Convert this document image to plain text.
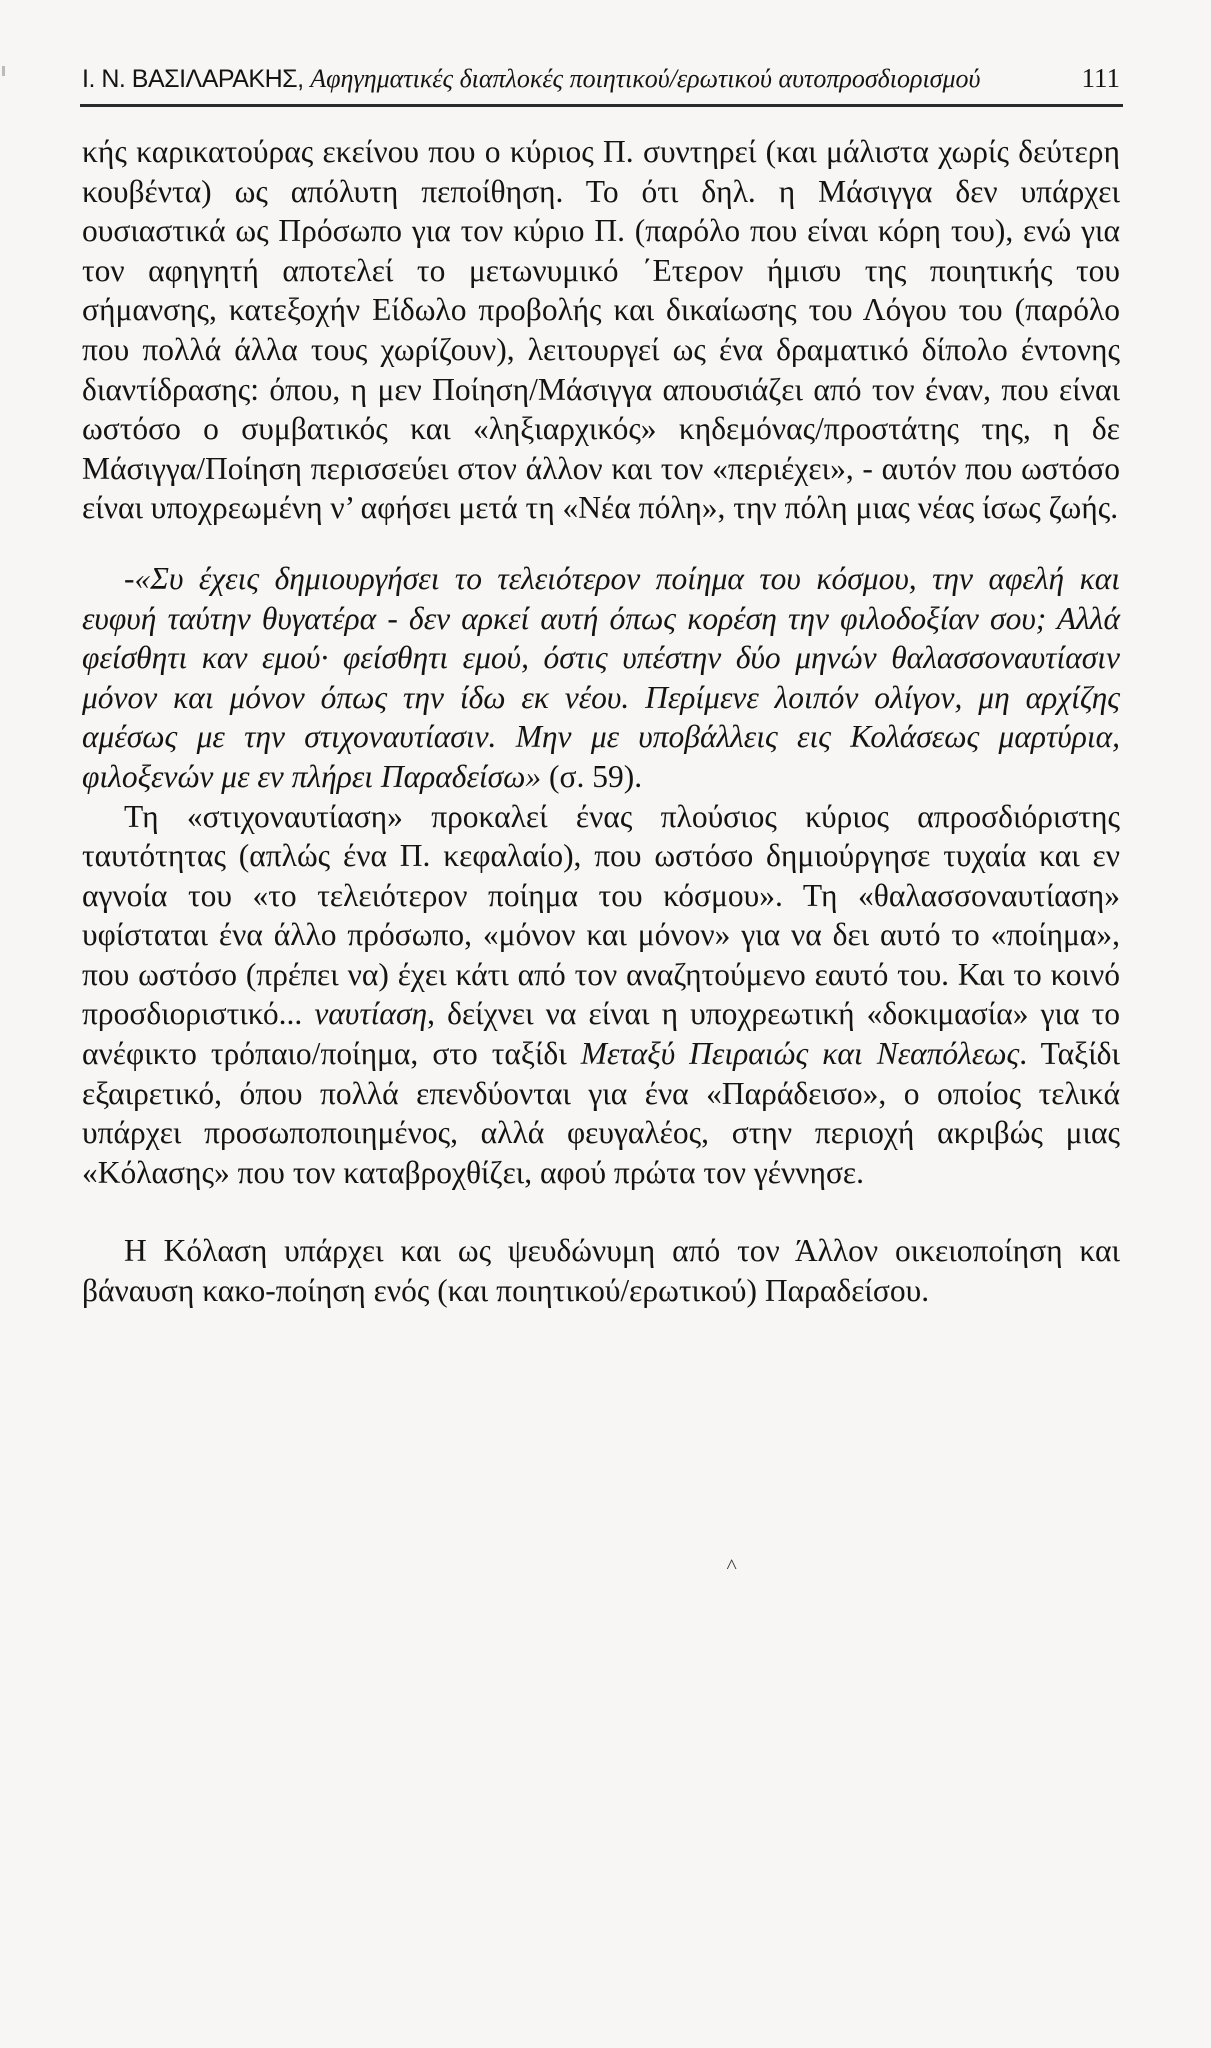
Ι. Ν. ΒΑΣΙΛΑΡΑΚΗΣ, Αφηγηματικές διαπλοκές ποιητικού/ερωτικού αυτοπροσδιορισμού	111

κής καρικατούρας εκείνου που ο κύριος Π. συντηρεί (και μάλιστα χωρίς δεύτερη κουβέντα) ως απόλυτη πεποίθηση. Το ότι δηλ. η Μάσιγγα δεν υπάρχει ουσιαστικά ως Πρόσωπο για τον κύριο Π. (παρόλο που είναι κόρη του), ενώ για τον αφηγητή αποτελεί το μετωνυμικό ΄Ετερον ήμισυ της ποιητικής του σήμανσης, κατεξοχήν Είδωλο προβολής και δικαίωσης του Λόγου του (παρόλο που πολλά άλλα τους χωρίζουν), λειτουργεί ως ένα δραματικό δίπολο έντονης διαντίδρασης: όπου, η μεν Ποίηση/Μάσιγγα απουσιάζει από τον έναν, που είναι ωστόσο ο συμβατικός και «ληξιαρχικός» κηδεμόνας/προστάτης της, η δε Μάσιγγα/Ποίηση περισσεύει στον άλλον και τον «περιέχει», - αυτόν που ωστόσο είναι υποχρεωμένη ν’ αφήσει μετά τη «Νέα πόλη», την πόλη μιας νέας ίσως ζωής.

-«Συ έχεις δημιουργήσει το τελειότερον ποίημα του κόσμου, την αφελή και ευφυή ταύτην θυγατέρα - δεν αρκεί αυτή όπως κορέση την φιλοδοξίαν σου; Αλλά φείσθητι καν εμού· φείσθητι εμού, όστις υπέστην δύο μηνών θαλασσοναυτίασιν μόνον και μόνον όπως την ίδω εκ νέου. Περίμενε λοιπόν ολίγον, μη αρχίζης αμέσως με την στιχοναυτίασιν. Μην με υποβάλλεις εις Κολάσεως μαρτύρια, φιλοξενών με εν πλήρει Παραδείσω» (σ. 59).

Τη «στιχοναυτίαση» προκαλεί ένας πλούσιος κύριος απροσδιόριστης ταυτότητας (απλώς ένα Π. κεφαλαίο), που ωστόσο δημιούργησε τυχαία και εν αγνοία του «το τελειότερον ποίημα του κόσμου». Τη «θαλασσοναυτίαση» υφίσταται ένα άλλο πρόσωπο, «μόνον και μόνον» για να δει αυτό το «ποίημα», που ωστόσο (πρέπει να) έχει κάτι από τον αναζητούμενο εαυτό του. Και το κοινό προσδιοριστικό... ναυτίαση, δείχνει να είναι η υποχρεωτική «δοκιμασία» για το ανέφικτο τρόπαιο/ποίημα, στο ταξίδι Μεταξύ Πειραιώς και Νεαπόλεως. Ταξίδι εξαιρετικό, όπου πολλά επενδύονται για ένα «Παράδεισο», ο οποίος τελικά υπάρχει προσωποποιημένος, αλλά φευγαλέος, στην περιοχή ακριβώς μιας «Κόλασης» που τον καταβροχθίζει, αφού πρώτα τον γέννησε.

Η Κόλαση υπάρχει και ως ψευδώνυμη από τον Άλλον οικειοποίηση και βάναυση κακο-ποίηση ενός (και ποιητικού/ερωτικού) Παραδείσου.

˄
